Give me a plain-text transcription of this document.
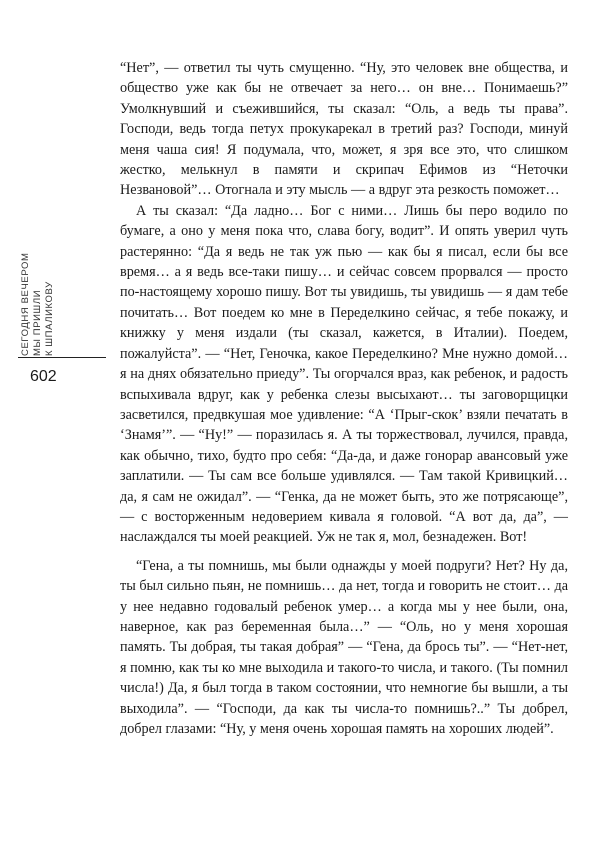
СЕГОДНЯ ВЕЧЕРОМ МЫ ПРИШЛИ К ШПАЛИКОВУ
602

“Нет”, — ответил ты чуть смущенно. “Ну, это человек вне общества, и общество уже как бы не отвечает за него… он вне… Понимаешь?” Умолкнувший и съежившийся, ты сказал: “Оль, а ведь ты права”. Господи, ведь тогда петух прокукарекал в третий раз? Господи, минуй меня чаша сия! Я подумала, что, может, я зря все это, что слишком жестко, мелькнул в памяти и скрипач Ефимов из “Неточки Незвановой”… Отогнала и эту мысль — а вдруг эта резкость поможет…

А ты сказал: “Да ладно… Бог с ними… Лишь бы перо водило по бумаге, а оно у меня пока что, слава богу, водит”. И опять уверил чуть растерянно: “Да я ведь не так уж пью — как бы я писал, если бы все время… а я ведь все-таки пишу… и сейчас совсем прорвался — просто по-настоящему хорошо пишу. Вот ты увидишь, ты увидишь — я дам тебе почитать… Вот поедем ко мне в Переделкино сейчас, я тебе покажу, и книжку у меня издали (ты сказал, кажется, в Италии). Поедем, пожалуйста”. — “Нет, Геночка, какое Переделкино? Мне нужно домой… я на днях обязательно приеду”. Ты огорчался враз, как ребенок, и радость вспыхивала вдруг, как у ребенка слезы высыхают… ты заговорщицки засветился, предвкушая мое удивление: “А ‘Прыг-скок’ взяли печатать в ‘Знамя’”. — “Ну!” — поразилась я. А ты торжествовал, лучился, правда, как обычно, тихо, будто про себя: “Да-да, и даже гонорар авансовый уже заплатили. — Ты сам все больше удивлялся. — Там такой Кривицкий… да, я сам не ожидал”. — “Генка, да не может быть, это же потрясающе”, — с восторженным недоверием кивала я головой. “А вот да, да”, — наслаждался ты моей реакцией. Уж не так я, мол, безнадежен. Вот!

“Гена, а ты помнишь, мы были однажды у моей подруги? Нет? Ну да, ты был сильно пьян, не помнишь… да нет, тогда и говорить не стоит… да у нее недавно годовалый ребенок умер… а когда мы у нее были, она, наверное, как раз беременная была…” — “Оль, но у меня хорошая память. Ты добрая, ты такая добрая” — “Гена, да брось ты”. — “Нет-нет, я помню, как ты ко мне выходила и такого-то числа, и такого. (Ты помнил числа!) Да, я был тогда в таком состоянии, что немногие бы вышли, а ты выходила”. — “Господи, да как ты числа-то помнишь?..” Ты добрел, добрел глазами: “Ну, у меня очень хорошая память на хороших людей”.
